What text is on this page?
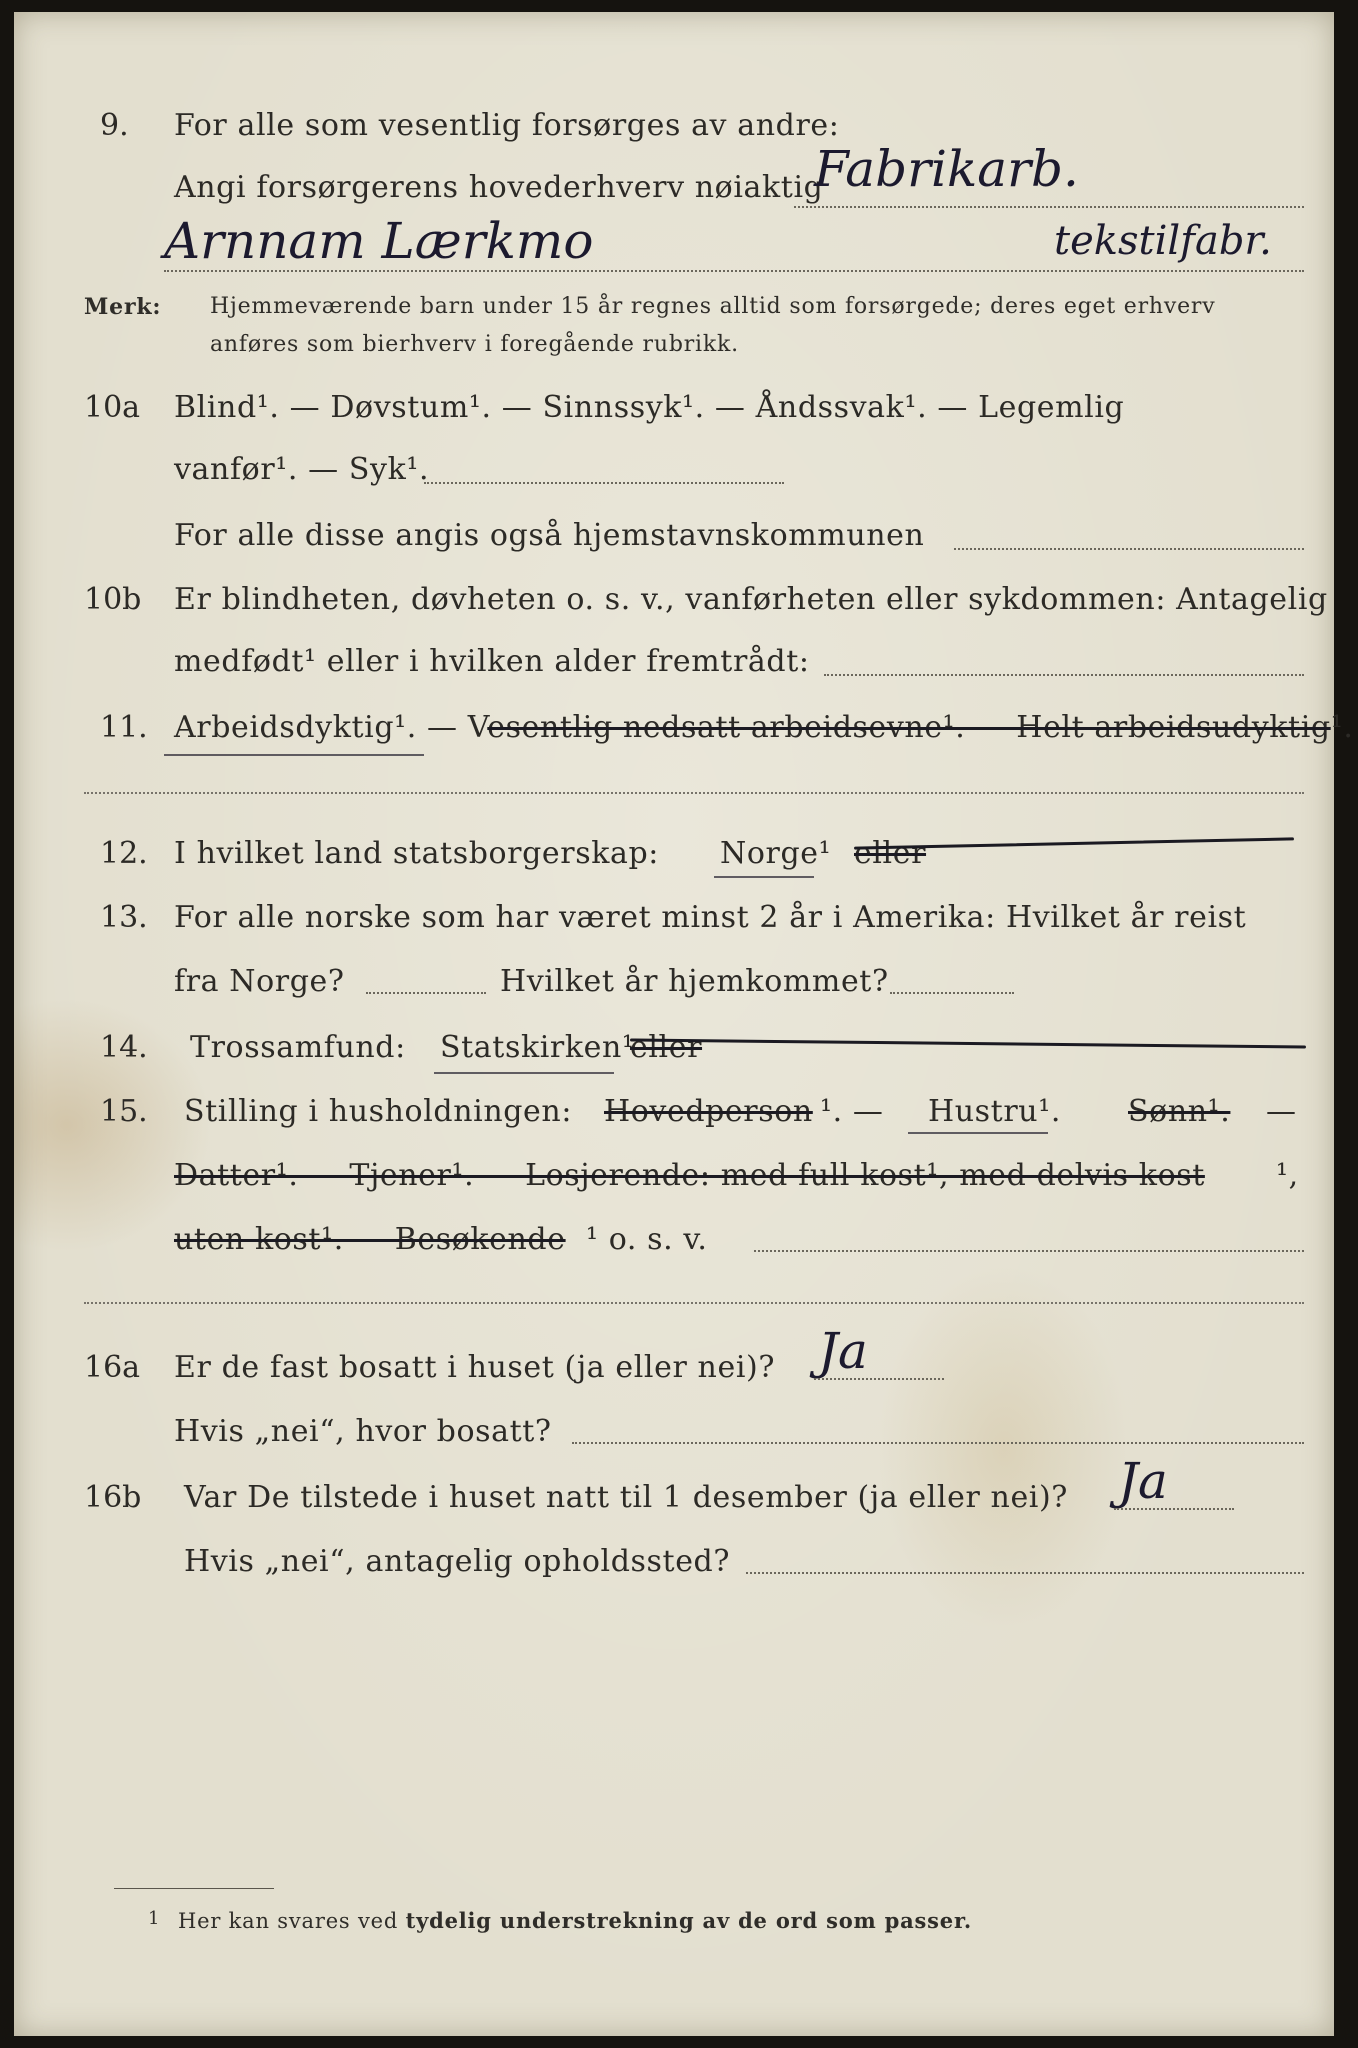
9. For alle som vesentlig forsørges av andre:
Angi forsørgerens hovederhverv nøiaktig
Fabrikarb.
Arnnam Lærkmo	tekstilfabr.
Merk: Hjemmeværende barn under 15 år regnes alltid som forsørgede; deres eget erhverv
anføres som bierhverv i foregående rubrikk.
10a Blind¹. — Døvstum¹. — Sinnssyk¹. — Åndssvak¹. — Legemlig
vanfør¹. — Syk¹.
For alle disse angis også hjemstavnskommunen
10b Er blindheten, døvheten o. s. v., vanførheten eller sykdommen: Antagelig
medfødt¹ eller i hvilken alder fremtrådt:
11. Arbeidsdyktig¹. — Vesentlig nedsatt arbeidsevne¹. — Helt arbeidsudyktig¹.
12. I hvilket land statsborgerskap: Norge¹ eller
13. For alle norske som har været minst 2 år i Amerika: Hvilket år reist
fra Norge?	Hvilket år hjemkommet?
14. Trossamfund: Statskirken¹
eller
15. Stilling i husholdningen: Hovedperson ¹. — Hustru¹. Sønn¹. —
Datter¹. — Tjener¹. — Losjerende: med full kost¹, med delvis kost ¹,
uten kost¹. — Besøkende ¹ o. s. v.
16a Er de fast bosatt i huset (ja eller nei)? Ja
Hvis „nei“, hvor bosatt?
16b Var De tilstede i huset natt til 1 desember (ja eller nei)? Ja
Hvis „nei“, antagelig opholdssted?
1 Her kan svares ved tydelig understrekning av de ord som passer.
